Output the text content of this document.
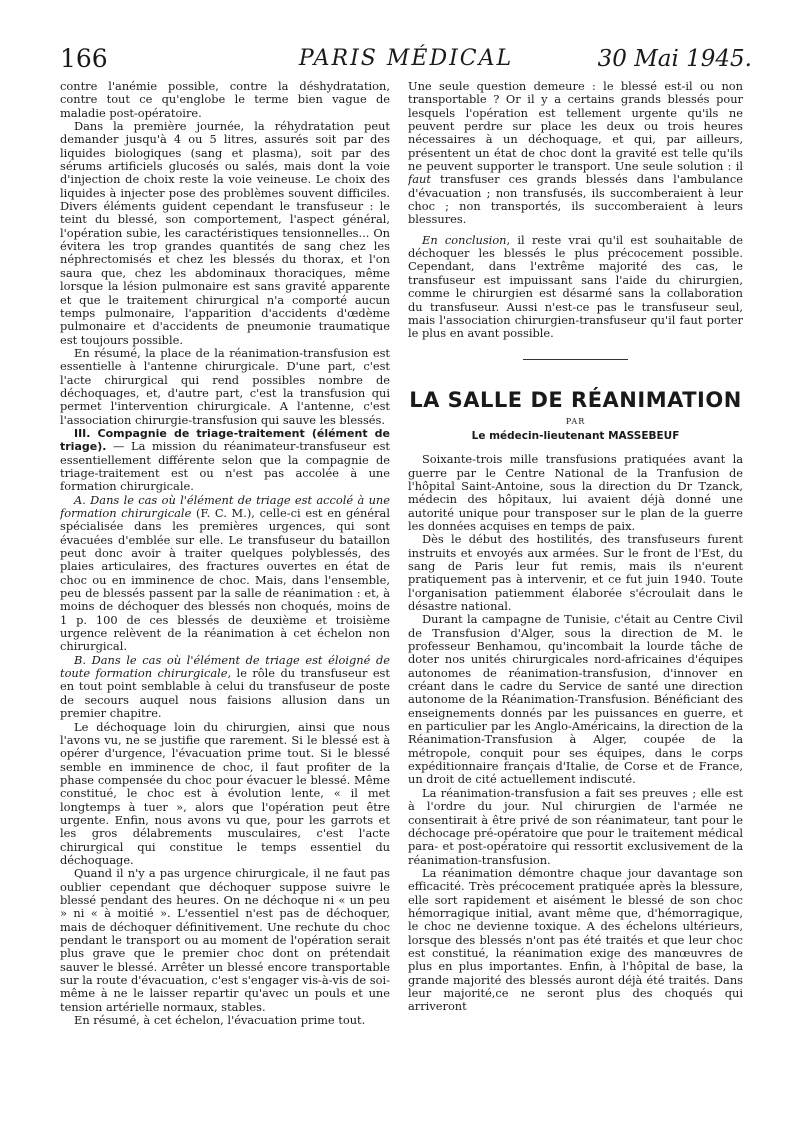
166	PARIS MÉDICAL	30 Mai 1945.

contre l'anémie possible, contre la déshydratation, contre tout ce qu'englobe le terme bien vague de maladie post-opératoire.

Dans la première journée, la réhydratation peut demander jusqu'à 4 ou 5 litres, assurés soit par des liquides biologiques (sang et plasma), soit par des sérums artificiels glucosés ou salés, mais dont la voie d'injection de choix reste la voie veineuse. Le choix des liquides à injecter pose des problèmes souvent difficiles. Divers éléments guident cependant le transfuseur : le teint du blessé, son comportement, l'aspect général, l'opération subie, les caractéristiques tensionnelles... On évitera les trop grandes quantités de sang chez les néphrectomisés et chez les blessés du thorax, et l'on saura que, chez les abdominaux thoraciques, même lorsque la lésion pulmonaire est sans gravité apparente et que le traitement chirurgical n'a comporté aucun temps pulmonaire, l'apparition d'accidents d'œdème pulmonaire et d'accidents de pneumonie traumatique est toujours possible.

En résumé, la place de la réanimation-transfusion est essentielle à l'antenne chirurgicale. D'une part, c'est l'acte chirurgical qui rend possibles nombre de déchoquages, et, d'autre part, c'est la transfusion qui permet l'intervention chirurgicale. A l'antenne, c'est l'association chirurgie-transfusion qui sauve les blessés.

III. Compagnie de triage-traitement (élément de triage). — La mission du réanimateur-transfuseur est essentiellement différente selon que la compagnie de triage-traitement est ou n'est pas accolée à une formation chirurgicale.

A. Dans le cas où l'élément de triage est accolé à une formation chirurgicale (F. C. M.), celle-ci est en général spécialisée dans les premières urgences, qui sont évacuées d'emblée sur elle. Le transfuseur du bataillon peut donc avoir à traiter quelques polyblessés, des plaies articulaires, des fractures ouvertes en état de choc ou en imminence de choc. Mais, dans l'ensemble, peu de blessés passent par la salle de réanimation : et, à moins de déchoquer des blessés non choqués, moins de 1 p. 100 de ces blessés de deuxième et troisième urgence relèvent de la réanimation à cet échelon non chirurgical.

B. Dans le cas où l'élément de triage est éloigné de toute formation chirurgicale, le rôle du transfuseur est en tout point semblable à celui du transfuseur de poste de secours auquel nous faisions allusion dans un premier chapitre.

Le déchoquage loin du chirurgien, ainsi que nous l'avons vu, ne se justifie que rarement. Si le blessé est à opérer d'urgence, l'évacuation prime tout. Si le blessé semble en imminence de choc, il faut profiter de la phase compensée du choc pour évacuer le blessé. Même constitué, le choc est à évolution lente, « il met longtemps à tuer », alors que l'opération peut être urgente. Enfin, nous avons vu que, pour les garrots et les gros délabrements musculaires, c'est l'acte chirurgical qui constitue le temps essentiel du déchoquage.

Quand il n'y a pas urgence chirurgicale, il ne faut pas oublier cependant que déchoquer suppose suivre le blessé pendant des heures. On ne déchoque ni « un peu » ni « à moitié ». L'essentiel n'est pas de déchoquer, mais de déchoquer définitivement. Une rechute du choc pendant le transport ou au moment de l'opération serait plus grave que le premier choc dont on prétendait sauver le blessé. Arrêter un blessé encore transportable sur la route d'évacuation, c'est s'engager vis-à-vis de soi-même à ne le laisser repartir qu'avec un pouls et une tension artérielle normaux, stables.

En résumé, à cet échelon, l'évacuation prime tout.

Une seule question demeure : le blessé est-il ou non transportable ? Or il y a certains grands blessés pour lesquels l'opération est tellement urgente qu'ils ne peuvent perdre sur place les deux ou trois heures nécessaires à un déchoquage, et qui, par ailleurs, présentent un état de choc dont la gravité est telle qu'ils ne peuvent supporter le transport. Une seule solution : il faut transfuser ces grands blessés dans l'ambulance d'évacuation ; non transfusés, ils succomberaient à leur choc ; non transportés, ils succomberaient à leurs blessures.

En conclusion, il reste vrai qu'il est souhaitable de déchoquer les blessés le plus précocement possible. Cependant, dans l'extrême majorité des cas, le transfuseur est impuissant sans l'aide du chirurgien, comme le chirurgien est désarmé sans la collaboration du transfuseur. Aussi n'est-ce pas le transfuseur seul, mais l'association chirurgien-transfuseur qu'il faut porter le plus en avant possible.

LA SALLE DE RÉANIMATION
PAR
Le médecin-lieutenant MASSEBEUF

Soixante-trois mille transfusions pratiquées avant la guerre par le Centre National de la Tranfusion de l'hôpital Saint-Antoine, sous la direction du Dr Tzanck, médecin des hôpitaux, lui avaient déjà donné une autorité unique pour transposer sur le plan de la guerre les données acquises en temps de paix.

Dès le début des hostilités, des transfuseurs furent instruits et envoyés aux armées. Sur le front de l'Est, du sang de Paris leur fut remis, mais ils n'eurent pratiquement pas à intervenir, et ce fut juin 1940. Toute l'organisation patiemment élaborée s'écroulait dans le désastre national.

Durant la campagne de Tunisie, c'était au Centre Civil de Transfusion d'Alger, sous la direction de M. le professeur Benhamou, qu'incombait la lourde tâche de doter nos unités chirurgicales nord-africaines d'équipes autonomes de réanimation-transfusion, d'innover en créant dans le cadre du Service de santé une direction autonome de la Réanimation-Transfusion. Bénéficiant des enseignements donnés par les puissances en guerre, et en particulier par les Anglo-Américains, la direction de la Réanimation-Transfusion à Alger, coupée de la métropole, conquit pour ses équipes, dans le corps expéditionnaire français d'Italie, de Corse et de France, un droit de cité actuellement indiscuté.

La réanimation-transfusion a fait ses preuves ; elle est à l'ordre du jour. Nul chirurgien de l'armée ne consentirait à être privé de son réanimateur, tant pour le déchocage pré-opératoire que pour le traitement médical para- et post-opératoire qui ressortit exclusivement de la réanimation-transfusion.

La réanimation démontre chaque jour davantage son efficacité. Très précocement pratiquée après la blessure, elle sort rapidement et aisément le blessé de son choc hémorragique initial, avant même que, d'hémorragique, le choc ne devienne toxique. A des échelons ultérieurs, lorsque des blessés n'ont pas été traités et que leur choc est constitué, la réanimation exige des manœuvres de plus en plus importantes. Enfin, à l'hôpital de base, la grande majorité des blessés auront déjà été traités. Dans leur majorité,ce ne seront plus des choqués qui arriveront
